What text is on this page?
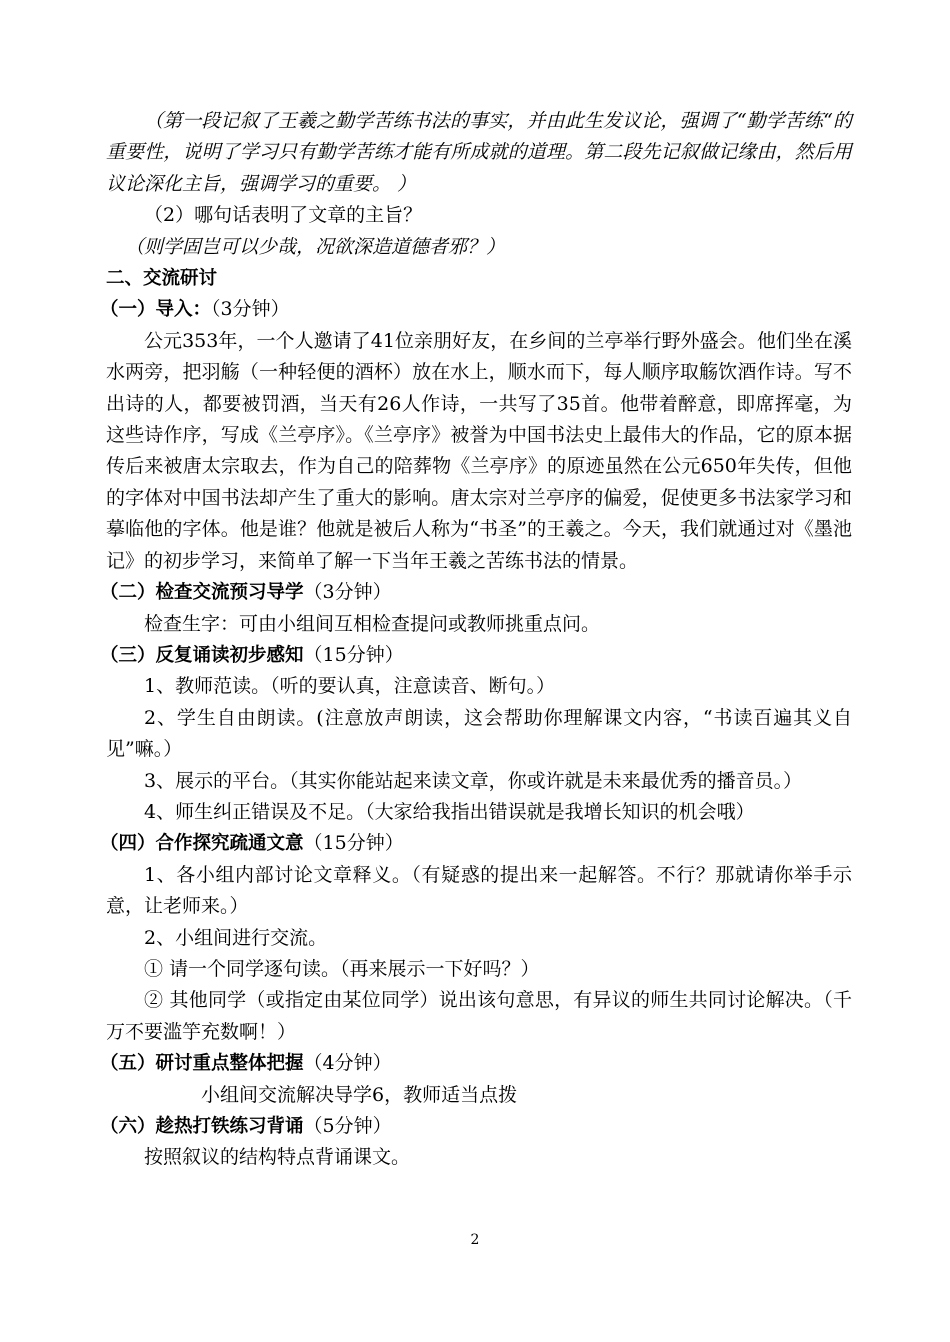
（第一段记叙了王羲之勤学苦练书法的事实，并由此生发议论，强调了“勤学苦练“的重要性，说明了学习只有勤学苦练才能有所成就的道理。第二段先记叙做记缘由，然后用议论深化主旨，强调学习的重要。 ）

（2）哪句话表明了文章的主旨？

（则学固岂可以少哉，况欲深造道德者邪？）

二、交流研讨

（一）导入：（3分钟）

公元353年，一个人邀请了41位亲朋好友，在乡间的兰亭举行野外盛会。他们坐在溪水两旁，把羽觞（一种轻便的酒杯）放在水上，顺水而下，每人顺序取觞饮酒作诗。写不出诗的人，都要被罚酒，当天有26人作诗，一共写了35首。他带着醉意，即席挥毫，为这些诗作序，写成《兰亭序》。《兰亭序》被誉为中国书法史上最伟大的作品，它的原本据传后来被唐太宗取去，作为自己的陪葬物《兰亭序》的原迹虽然在公元650年失传，但他的字体对中国书法却产生了重大的影响。唐太宗对兰亭序的偏爱，促使更多书法家学习和摹临他的字体。他是谁？他就是被后人称为“书圣”的王羲之。今天，我们就通过对《墨池记》的初步学习，来简单了解一下当年王羲之苦练书法的情景。

（二）检查交流预习导学（3分钟）

检查生字：可由小组间互相检查提问或教师挑重点问。

（三）反复诵读初步感知（15分钟）

1、教师范读。（听的要认真，注意读音、断句。）

2、学生自由朗读。(注意放声朗读，这会帮助你理解课文内容，“书读百遍其义自见”嘛。）

3、展示的平台。（其实你能站起来读文章，你或许就是未来最优秀的播音员。）

4、师生纠正错误及不足。（大家给我指出错误就是我增长知识的机会哦）

（四）合作探究疏通文意（15分钟）

1、各小组内部讨论文章释义。（有疑惑的提出来一起解答。不行？那就请你举手示意，让老师来。）

2、小组间进行交流。

① 请一个同学逐句读。（再来展示一下好吗？）

② 其他同学（或指定由某位同学）说出该句意思，有异议的师生共同讨论解决。（千万不要滥竽充数啊！）

（五）研讨重点整体把握（4分钟）

小组间交流解决导学6，教师适当点拨

（六）趁热打铁练习背诵（5分钟）

按照叙议的结构特点背诵课文。

2
